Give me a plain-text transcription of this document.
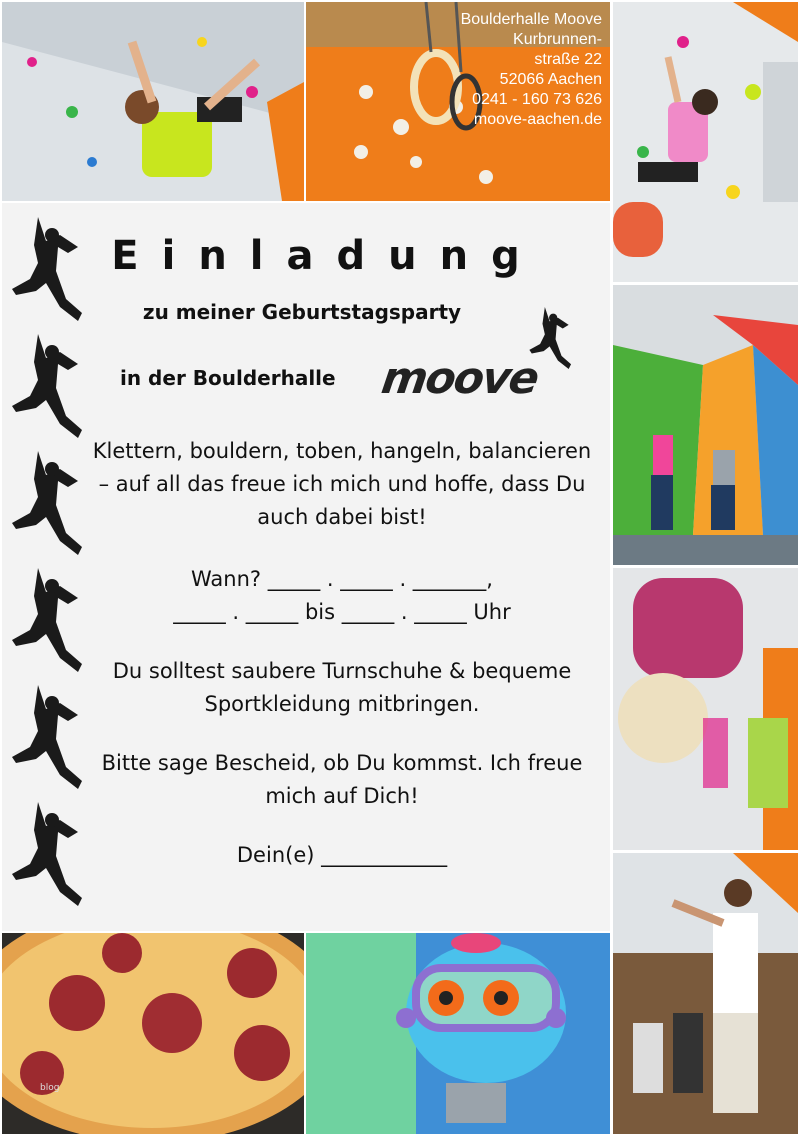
Boulderhalle Moove
Kurbrunnen-
straße 22
52066 Aachen
0241 - 160 73 626
moove-aachen.de
blog
Einladung
zu meiner Geburtstagsparty
in der Boulderhalle moove
Klettern, bouldern, toben, hangeln, balancieren – auf all das freue ich mich und hoffe, dass Du auch dabei bist!
Wann? _____ . _____ . _______,
_____ . _____ bis _____ . _____ Uhr
Du solltest saubere Turnschuhe & bequeme Sportkleidung mitbringen.
Bitte sage Bescheid, ob Du kommst. Ich freue mich auf Dich!
Dein(e) ____________
